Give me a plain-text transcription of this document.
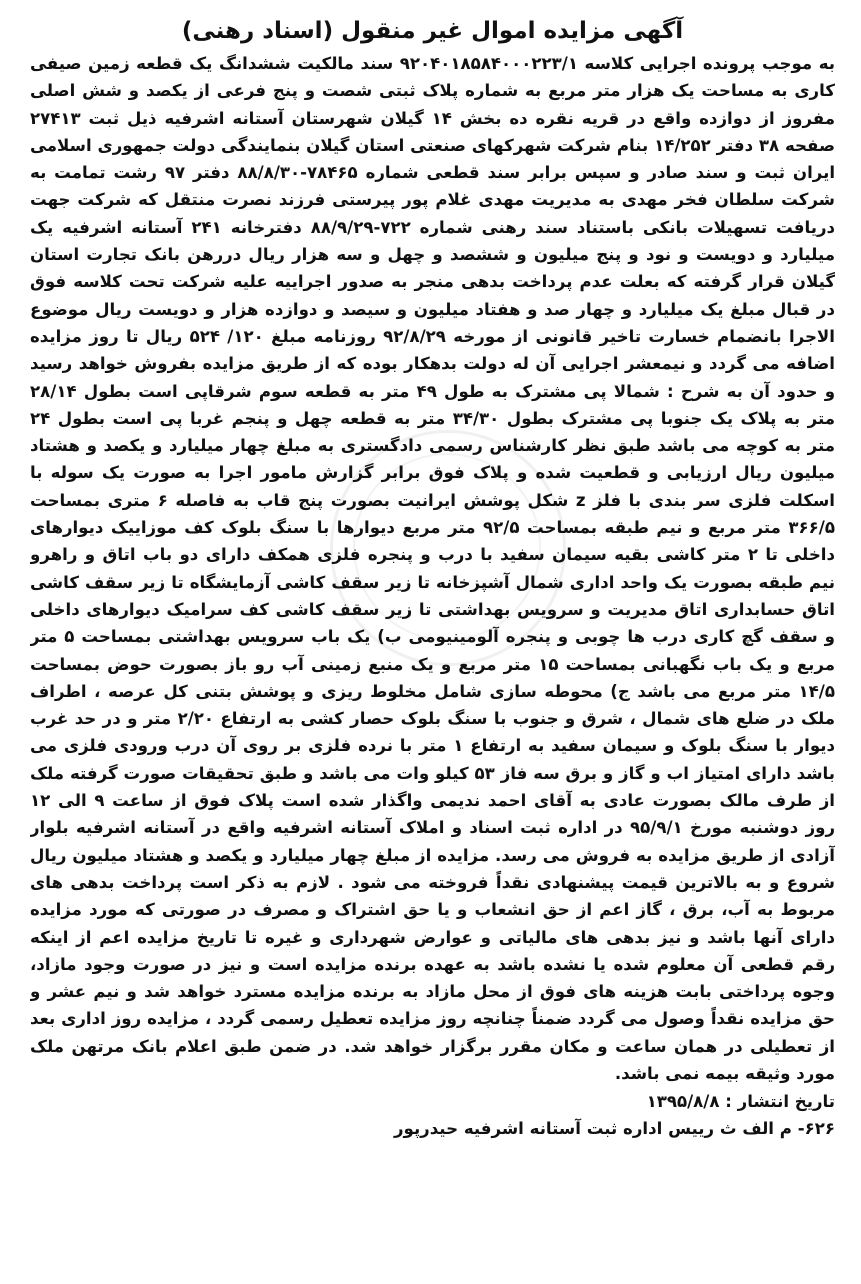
آگهی مزایده اموال غیر منقول (اسناد رهنی)

به موجب پرونده اجرایی کلاسه ۹۲۰۴۰۱۸۵۸۴۰۰۰۲۲۳/۱ سند مالکیت ششدانگ یک قطعه زمین صیفی کاری به مساحت یک هزار متر مربع به شماره پلاک ثبتی شصت و پنج فرعی از یکصد و شش اصلی مفروز از دوازده واقع در قریه نقره ده بخش ۱۴ گیلان شهرستان آستانه اشرفیه ذیل ثبت ۲۷۴۱۳ صفحه ۳۸ دفتر ۱۴/۲۵۲ بنام شرکت شهرکهای صنعتی استان گیلان بنمایندگی دولت جمهوری اسلامی ایران ثبت و سند صادر و سپس برابر سند قطعی شماره ۷۸۴۶۵-۸۸/۸/۳۰ دفتر ۹۷ رشت تمامت به شرکت سلطان فخر مهدی به مدیریت مهدی غلام پور پیرستی فرزند نصرت منتقل که شرکت جهت دریافت تسهیلات بانکی باستناد سند رهنی شماره ۷۲۲-۸۸/۹/۲۹ دفترخانه ۲۴۱ آستانه اشرفیه یک میلیارد و دویست و نود و پنج میلیون و ششصد و چهل و سه هزار ریال دررهن بانک تجارت استان گیلان قرار گرفته که بعلت عدم پرداخت بدهی منجر به صدور اجراییه علیه شرکت تحت کلاسه فوق در قبال مبلغ یک میلیارد و چهار صد و هفتاد میلیون و سیصد و دوازده هزار و دویست ریال موضوع الاجرا بانضمام خسارت تاخیر قانونی از مورخه ۹۲/۸/۲۹ روزنامه مبلغ ۱۲۰/ ۵۲۴ ریال تا روز مزایده اضافه می گردد و نیمعشر اجرایی آن له دولت بدهکار بوده که از طریق مزایده بفروش خواهد رسید و حدود آن به شرح : شمالا پی مشترک به طول ۴۹ متر به قطعه سوم شرقاپی است بطول ۲۸/۱۴ متر به پلاک یک جنوبا پی مشترک بطول ۳۴/۳۰ متر به قطعه چهل و پنجم غربا پی است بطول ۲۴ متر به کوچه می باشد طبق نظر کارشناس رسمی دادگستری به مبلغ چهار میلیارد و یکصد و هشتاد میلیون ریال ارزیابی و قطعیت شده و پلاک فوق برابر گزارش مامور اجرا به صورت یک سوله با اسکلت فلزی سر بندی با فلز z شکل پوشش ایرانیت بصورت پنج قاب به فاصله ۶ متری بمساحت ۳۶۶/۵ متر مربع و نیم طبقه بمساحت ۹۲/۵ متر مربع دیوارها با سنگ بلوک کف موزاییک دیوارهای داخلی تا ۲ متر کاشی بقیه سیمان سفید با درب و پنجره فلزی همکف دارای دو باب اتاق و راهرو نیم طبقه بصورت یک واحد اداری شمال آشپزخانه تا زیر سقف کاشی آزمایشگاه تا زیر سقف کاشی اتاق حسابداری اتاق مدیریت و سرویس بهداشتی تا زیر سقف کاشی کف سرامیک دیوارهای داخلی و سقف گچ کاری درب ها چوبی و پنجره آلومینیومی ب) یک باب سرویس بهداشتی بمساحت ۵ متر مربع و یک باب نگهبانی بمساحت ۱۵ متر مربع و یک منبع زمینی آب رو باز بصورت حوض بمساحت ۱۴/۵ متر مربع می باشد ج) محوطه سازی شامل مخلوط ریزی و پوشش بتنی کل عرصه ، اطراف ملک در ضلع های شمال ، شرق و جنوب با سنگ بلوک حصار کشی به ارتفاع ۲/۲۰ متر و در حد غرب دیوار با سنگ بلوک و سیمان سفید به ارتفاع ۱ متر با نرده فلزی بر روی آن درب ورودی فلزی می باشد دارای امتیاز اب و گاز و برق سه فاز ۵۳ کیلو وات می باشد و طبق تحقیقات صورت گرفته ملک از طرف مالک بصورت عادی به آقای احمد ندیمی واگذار شده است پلاک فوق از ساعت ۹ الی ۱۲ روز دوشنبه مورخ ۹۵/۹/۱ در اداره ثبت اسناد و املاک آستانه اشرفیه واقع در آستانه اشرفیه بلوار آزادی از طریق مزایده به فروش می رسد. مزایده از مبلغ چهار میلیارد و یکصد و هشتاد میلیون ریال شروع و به بالاترین قیمت پیشنهادی نقداً فروخته می شود . لازم به ذکر است پرداخت بدهی های مربوط به آب، برق ، گاز اعم از حق انشعاب و یا حق اشتراک و مصرف در صورتی که مورد مزایده دارای آنها باشد و نیز بدهی های مالیاتی و عوارض شهرداری و غیره تا تاریخ مزایده اعم از اینکه رقم قطعی آن معلوم شده یا نشده باشد به عهده برنده مزایده است و نیز در صورت وجود مازاد، وجوه پرداختی بابت هزینه های فوق از محل مازاد به برنده مزایده مسترد خواهد شد و نیم عشر و حق مزایده نقداً وصول می گردد ضمناً چنانچه روز مزایده تعطیل رسمی گردد ، مزایده روز اداری بعد از تعطیلی در همان ساعت و مکان مقرر برگزار خواهد شد. در ضمن طبق اعلام بانک مرتهن ملک مورد وثیقه بیمه نمی باشد.

تاریخ انتشار : ۱۳۹۵/۸/۸
۶۲۶- م الف ث رییس اداره ثبت آستانه اشرفیه حیدرپور
